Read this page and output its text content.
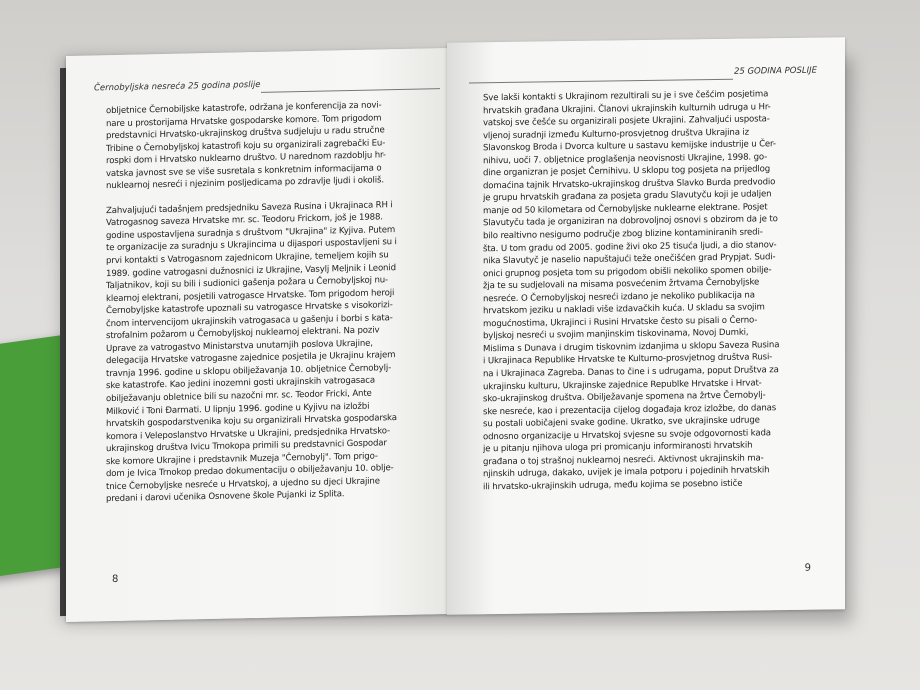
Černobyljska nesreća 25 godina poslije
obljetnice Černobiljske katastrofe, održana je konferencija za novi-
nare u prostorijama Hrvatske gospodarske komore. Tom prigodom
predstavnici Hrvatsko-ukrajinskog društva sudjeluju u radu stručne
Tribine o Černobyljskoj katastrofi koju su organizirali zagrebački Eu-
rospki dom i Hrvatsko nuklearno društvo. U narednom razdoblju hr-
vatska javnost sve se više susretala s konkretnim informacijama o
nuklearnoj nesreći i njezinim posljedicama po zdravlje ljudi i okoliš.
Zahvaljujući tadašnjem predsjedniku Saveza Rusina i Ukrajinaca RH i
Vatrogasnog saveza Hrvatske mr. sc. Teodoru Frickom, još je 1988.
godine uspostavljena suradnja s društvom "Ukrajina" iz Kyjiva. Putem
te organizacije za suradnju s Ukrajincima u dijaspori uspostavljeni su i
prvi kontakti s Vatrogasnom zajednicom Ukrajine, temeljem kojih su
1989. godine vatrogasni dužnosnici iz Ukrajine, Vasylj Meljnik i Leonid
Taljatnikov, koji su bili i sudionici gašenja požara u Černobyljskoj nu-
klearnoj elektrani, posjetili vatrogasce Hrvatske. Tom prigodom heroji
Černobyljske katastrofe upoznali su vatrogasce Hrvatske s visokorizi-
čnom intervencijom ukrajinskih vatrogasaca u gašenju i borbi s kata-
strofalnim požarom u Černobyljskoj nuklearnoj elektrani. Na poziv
Uprave za vatrogastvo Ministarstva unutarnjih poslova Ukrajine,
delegacija Hrvatske vatrogasne zajednice posjetila je Ukrajinu krajem
travnja 1996. godine u sklopu obilježavanja 10. obljetnice Černobylj-
ske katastrofe. Kao jedini inozemni gosti ukrajinskih vatrogasaca
obilježavanju obletnice bili su nazočni mr. sc. Teodor Fricki, Ante
Milković i Toni Đarmati. U lipnju 1996. godine u Kyjivu na izložbi
hrvatskih gospodarstvenika koju su organizirali Hrvatska gospodarska
komora i Veleposlanstvo Hrvatske u Ukrajini, predsjednika Hrvatsko-
ukrajinskog društva Ivicu Trnokopa primili su predstavnici Gospodar
ske komore Ukrajine i predstavnik Muzeja "Černobylj". Tom prigo-
dom je Ivica Trnokop predao dokumentaciju o obilježavanju 10. oblje-
tnice Černobyljske nesreće u Hrvatskoj, a ujedno su djeci Ukrajine
predani i darovi učenika Osnovene škole Pujanki iz Splita.
8
25 GODINA POSLIJE
Sve lakši kontakti s Ukrajinom rezultirali su je i sve češćim posjetima
hrvatskih građana Ukrajini. Članovi ukrajinskih kulturnih udruga u Hr-
vatskoj sve češće su organizirali posjete Ukrajini. Zahvaljući usposta-
vljenoj suradnji između Kulturno-prosvjetnog društva Ukrajina iz
Slavonskog Broda i Dvorca kulture u sastavu kemijske industrije u Čer-
nihivu, uoči 7. obljetnice proglašenja neovisnosti Ukrajine, 1998. go-
dine organizran je posjet Černihivu. U sklopu tog posjeta na prijedlog
domaćina tajnik Hrvatsko-ukrajinskog društva Slavko Burda predvodio
je grupu hrvatskih građana za posjeta gradu Slavutyču koji je udaljen
manje od 50 kilometara od Černobyljske nuklearne elektrane. Posjet
Slavutyču tada je organiziran na dobrovoljnoj osnovi s obzirom da je to
bilo realtivno nesigurno područje zbog blizine kontaminiranih sredi-
šta. U tom gradu od 2005. godine živi oko 25 tisuća ljudi, a dio stanov-
nika Slavutyč je naselio napuštajući teže onečišćen grad Prypjat. Sudi-
onici grupnog posjeta tom su prigodom obišli nekoliko spomen obilje-
žja te su sudjelovali na misama posvećenim žrtvama Černobyljske
nesreće. O Černobyljskoj nesreći izdano je nekoliko publikacija na
hrvatskom jeziku u nakladi više izdavačkih kuća. U skladu sa svojim
mogućnostima, Ukrajinci i Rusini Hrvatske često su pisali o Černo-
byljskoj nesreći u svojim manjinskim tiskovinama, Novoj Dumki,
Mislima s Dunava i drugim tiskovnim izdanjima u sklopu Saveza Rusina
i Ukrajinaca Republike Hrvatske te Kulturno-prosvjetnog društva Rusi-
na i Ukrajinaca Zagreba. Danas to čine i s udrugama, poput Društva za
ukrajinsku kulturu, Ukrajinske zajednice Republke Hrvatske i Hrvat-
sko-ukrajinskog društva. Obilježavanje spomena na žrtve Černobylj-
ske nesreće, kao i prezentacija cijelog događaja kroz izložbe, do danas
su postali uobičajeni svake godine. Ukratko, sve ukrajinske udruge
odnosno organizacije u Hrvatskoj svjesne su svoje odgovornosti kada
je u pitanju njihova uloga pri promicanju informiranosti hrvatskih
građana o toj strašnoj nuklearnoj nesreći. Aktivnost ukrajinskih ma-
njinskih udruga, dakako, uvijek je imala potporu i pojedinih hrvatskih
ili hrvatsko-ukrajinskih udruga, među kojima se posebno ističe
9
